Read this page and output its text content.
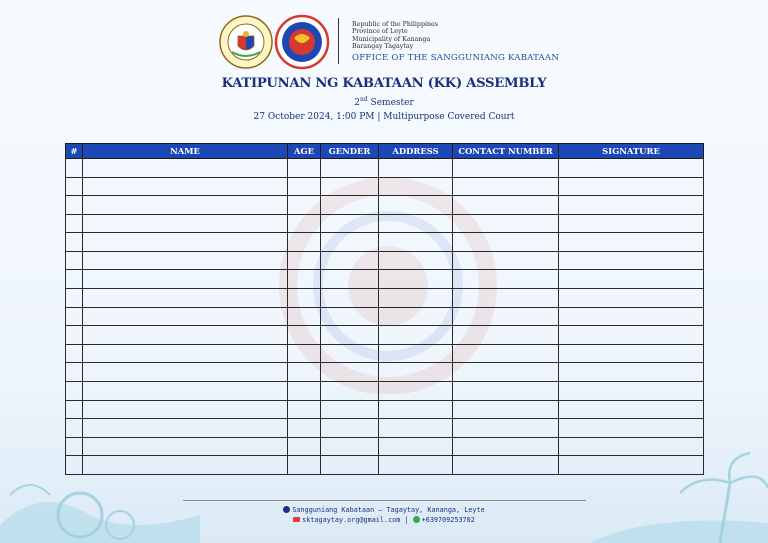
Republic of the Philippines
Province of Leyte
Municipality of Kananga
Barangay Tagaytay
OFFICE OF THE SANGGUNIANG KABATAAN
KATIPUNAN NG KABATAAN (KK) ASSEMBLY
2nd Semester
27 October 2024, 1:00 PM | Multipurpose Covered Court
#	NAME	AGE	GENDER	ADDRESS	CONTACT NUMBER	SIGNATURE

Sangguniang Kabataan – Tagaytay, Kananga, Leyte
sktagaytay.org@gmail.com | +639709253702
